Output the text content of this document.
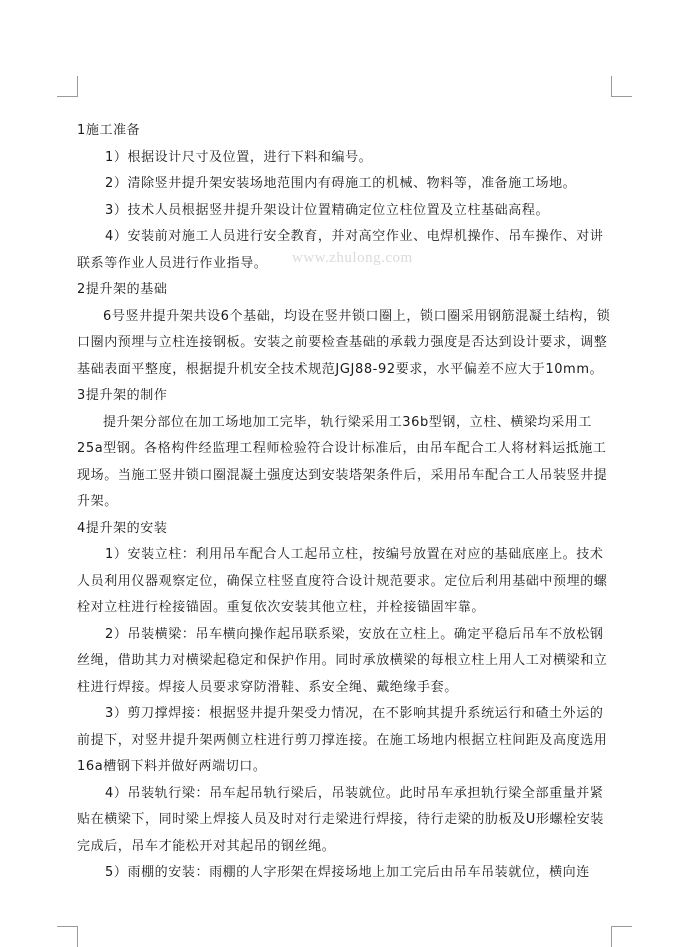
www.zhulong.com

1施工准备

1）根据设计尺寸及位置，进行下料和编号。

2）清除竖井提升架安装场地范围内有碍施工的机械、物料等，准备施工场地。

3）技术人员根据竖井提升架设计位置精确定位立柱位置及立柱基础高程。

4）安装前对施工人员进行安全教育，并对高空作业、电焊机操作、吊车操作、对讲联系等作业人员进行作业指导。

2提升架的基础

6号竖井提升架共设6个基础，均设在竖井锁口圈上，锁口圈采用钢筋混凝土结构，锁口圈内预埋与立柱连接钢板。安装之前要检查基础的承载力强度是否达到设计要求，调整基础表面平整度，根据提升机安全技术规范JGJ88-92要求，水平偏差不应大于10mm。

3提升架的制作

提升架分部位在加工场地加工完毕，轨行梁采用工36b型钢，立柱、横梁均采用工25a型钢。各格构件经监理工程师检验符合设计标准后，由吊车配合工人将材料运抵施工现场。当施工竖井锁口圈混凝土强度达到安装塔架条件后，采用吊车配合工人吊装竖井提升架。

4提升架的安装

1）安装立柱：利用吊车配合人工起吊立柱，按编号放置在对应的基础底座上。技术人员利用仪器观察定位，确保立柱竖直度符合设计规范要求。定位后利用基础中预埋的螺栓对立柱进行栓接锚固。重复依次安装其他立柱，并栓接锚固牢靠。

2）吊装横梁：吊车横向操作起吊联系梁，安放在立柱上。确定平稳后吊车不放松钢丝绳，借助其力对横梁起稳定和保护作用。同时承放横梁的每根立柱上用人工对横梁和立柱进行焊接。焊接人员要求穿防滑鞋、系安全绳、戴绝缘手套。

3）剪刀撑焊接：根据竖井提升架受力情况，在不影响其提升系统运行和碴土外运的前提下，对竖井提升架两侧立柱进行剪刀撑连接。在施工场地内根据立柱间距及高度选用16a槽钢下料并做好两端切口。

4）吊装轨行梁：吊车起吊轨行梁后，吊装就位。此时吊车承担轨行梁全部重量并紧贴在横梁下，同时梁上焊接人员及时对行走梁进行焊接，待行走梁的肋板及U形螺栓安装完成后，吊车才能松开对其起吊的钢丝绳。

5）雨棚的安装：雨棚的人字形架在焊接场地上加工完后由吊车吊装就位，横向连
